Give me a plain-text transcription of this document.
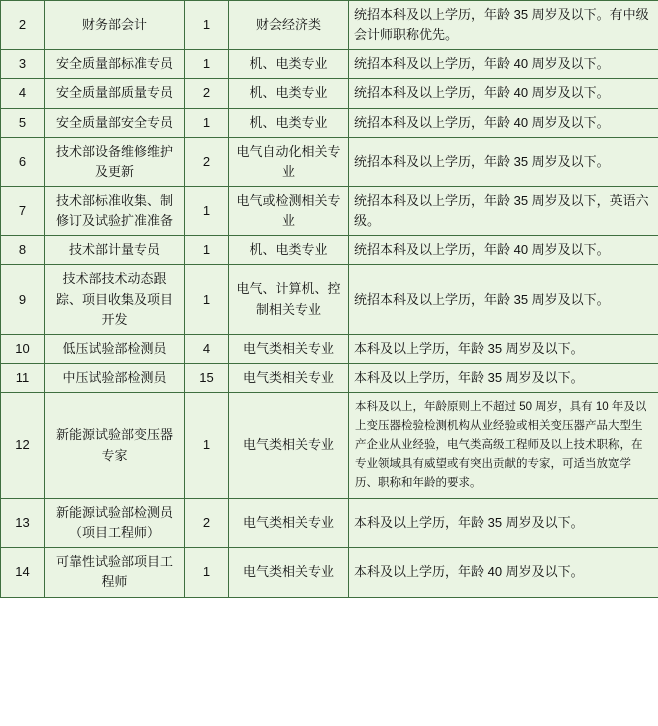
2	财务部会计	1	财会经济类	统招本科及以上学历，年龄 35 周岁及以下。有中级会计师职称优先。
3	安全质量部标准专员	1	机、电类专业	统招本科及以上学历，年龄 40 周岁及以下。
4	安全质量部质量专员	2	机、电类专业	统招本科及以上学历，年龄 40 周岁及以下。
5	安全质量部安全专员	1	机、电类专业	统招本科及以上学历，年龄 40 周岁及以下。
6	技术部设备维修维护及更新	2	电气自动化相关专业	统招本科及以上学历，年龄 35 周岁及以下。
7	技术部标准收集、制修订及试验扩准准备	1	电气或检测相关专业	统招本科及以上学历，年龄 35 周岁及以下，英语六级。
8	技术部计量专员	1	机、电类专业	统招本科及以上学历，年龄 40 周岁及以下。
9	技术部技术动态跟踪、项目收集及项目开发	1	电气、计算机、控制相关专业	统招本科及以上学历，年龄 35 周岁及以下。
10	低压试验部检测员	4	电气类相关专业	本科及以上学历，年龄 35 周岁及以下。
11	中压试验部检测员	15	电气类相关专业	本科及以上学历，年龄 35 周岁及以下。
12	新能源试验部变压器专家	1	电气类相关专业	本科及以上，年龄原则上不超过 50 周岁，具有 10 年及以上变压器检验检测机构从业经验或相关变压器产品大型生产企业从业经验，电气类高级工程师及以上技术职称，在专业领域具有威望或有突出贡献的专家，可适当放宽学历、职称和年龄的要求。
13	新能源试验部检测员（项目工程师）	2	电气类相关专业	本科及以上学历，年龄 35 周岁及以下。
14	可靠性试验部项目工程师	1	电气类相关专业	本科及以上学历，年龄 40 周岁及以下。
